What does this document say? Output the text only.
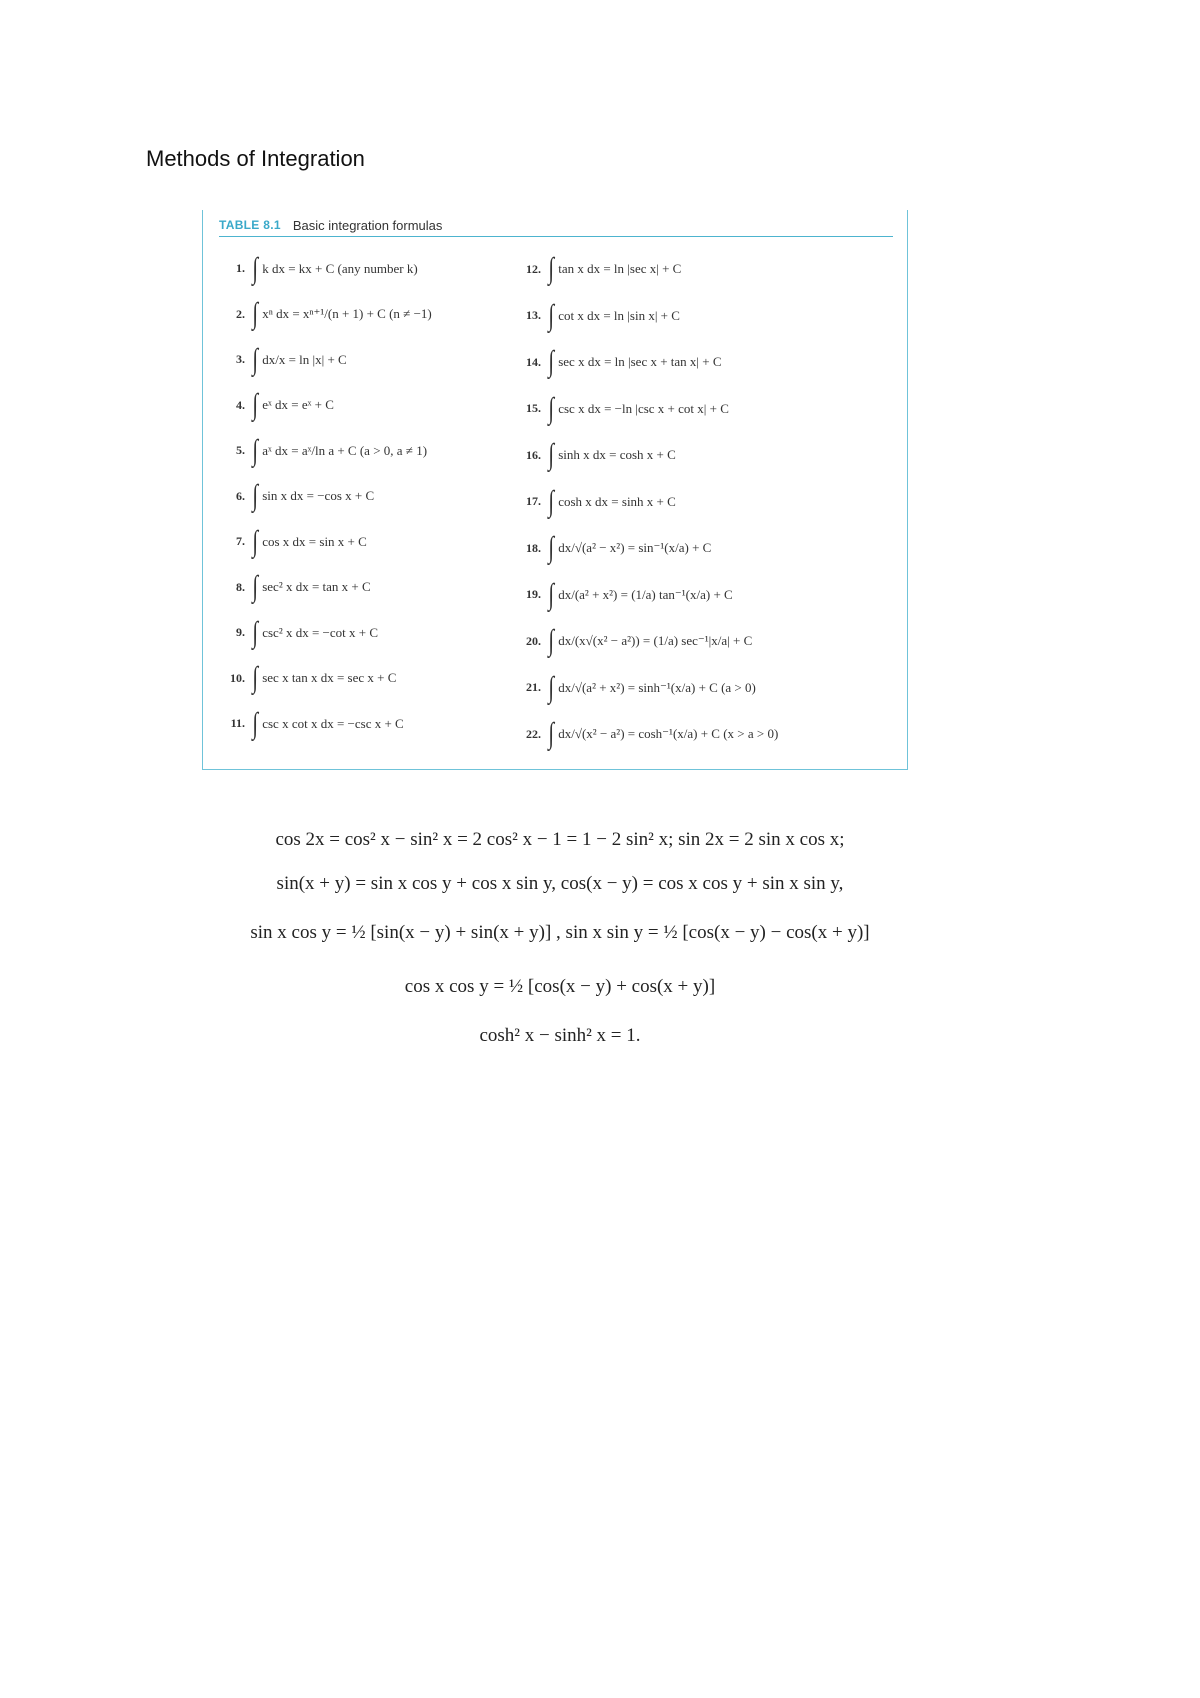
Methods of Integration
TABLE 8.1 Basic integration formulas
1. ∫ k dx = kx + C (any number k)
2. ∫ xⁿ dx = xⁿ⁺¹/(n + 1) + C (n ≠ −1)
3. ∫ dx/x = ln |x| + C
4. ∫ eˣ dx = eˣ + C
5. ∫ aˣ dx = aˣ/ln a + C (a > 0, a ≠ 1)
6. ∫ sin x dx = −cos x + C
7. ∫ cos x dx = sin x + C
8. ∫ sec² x dx = tan x + C
9. ∫ csc² x dx = −cot x + C
10. ∫ sec x tan x dx = sec x + C
11. ∫ csc x cot x dx = −csc x + C
12. ∫ tan x dx = ln |sec x| + C
13. ∫ cot x dx = ln |sin x| + C
14. ∫ sec x dx = ln |sec x + tan x| + C
15. ∫ csc x dx = −ln |csc x + cot x| + C
16. ∫ sinh x dx = cosh x + C
17. ∫ cosh x dx = sinh x + C
18. ∫ dx/√(a² − x²) = sin⁻¹(x/a) + C
19. ∫ dx/(a² + x²) = (1/a) tan⁻¹(x/a) + C
20. ∫ dx/(x√(x² − a²)) = (1/a) sec⁻¹|x/a| + C
21. ∫ dx/√(a² + x²) = sinh⁻¹(x/a) + C (a > 0)
22. ∫ dx/√(x² − a²) = cosh⁻¹(x/a) + C (x > a > 0)
cos 2x = cos² x − sin² x = 2 cos² x − 1 = 1 − 2 sin² x; sin 2x = 2 sin x cos x;
sin(x + y) = sin x cos y + cos x sin y, cos(x − y) = cos x cos y + sin x sin y,
sin x cos y = ½ [sin(x − y) + sin(x + y)] , sin x sin y = ½ [cos(x − y) − cos(x + y)]
cos x cos y = ½ [cos(x − y) + cos(x + y)]
cosh² x − sinh² x = 1.
